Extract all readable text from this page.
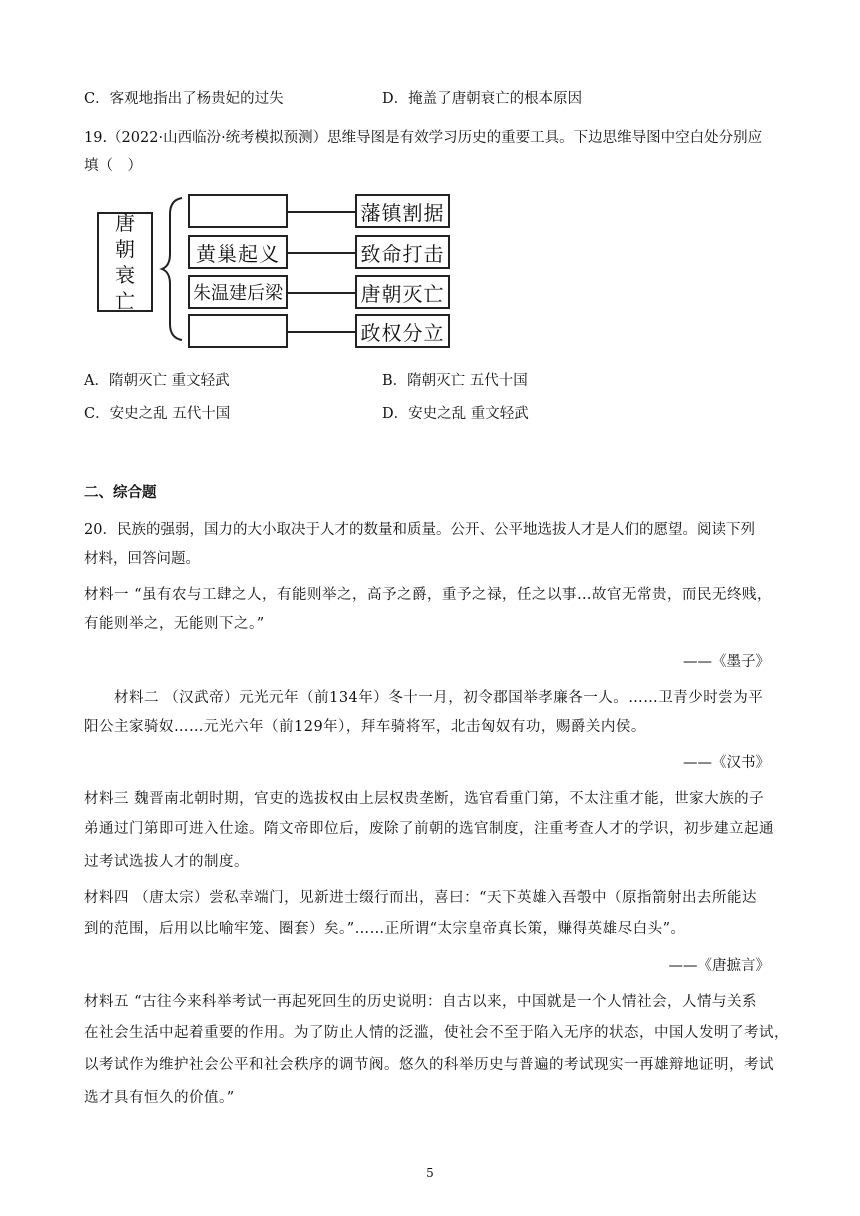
C．客观地指出了杨贵妃的过失	D．掩盖了唐朝衰亡的根本原因
19.（2022·山西临汾·统考模拟预测）思维导图是有效学习历史的重要工具。下边思维导图中空白处分别应
填（　）
唐
朝
衰
亡
黄巢起义
朱温建后梁
藩镇割据
致命打击
唐朝灭亡
政权分立
A．隋朝灭亡 重文轻武	B．隋朝灭亡 五代十国
C．安史之乱 五代十国	D．安史之乱 重文轻武
二、综合题
20．民族的强弱，国力的大小取决于人才的数量和质量。公开、公平地选拔人才是人们的愿望。阅读下列
材料，回答问题。
材料一 “虽有农与工肆之人，有能则举之，高予之爵，重予之禄，任之以事…故官无常贵，而民无终贱，
有能则举之，无能则下之。”
——《墨子》
材料二 （汉武帝）元光元年（前134年）冬十一月，初令郡国举孝廉各一人。……卫青少时尝为平
阳公主家骑奴……元光六年（前129年），拜车骑将军，北击匈奴有功，赐爵关内侯。
——《汉书》
材料三 魏晋南北朝时期，官吏的选拔权由上层权贵垄断，选官看重门第，不太注重才能，世家大族的子
弟通过门第即可进入仕途。隋文帝即位后，废除了前朝的选官制度，注重考查人才的学识，初步建立起通
过考试选拔人才的制度。
材料四 （唐太宗）尝私幸端门，见新进士缀行而出，喜曰：“天下英雄入吾彀中（原指箭射出去所能达
到的范围，后用以比喻牢笼、圈套）矣。”……正所谓“太宗皇帝真长策，赚得英雄尽白头”。
——《唐摭言》
材料五 “古往今来科举考试一再起死回生的历史说明：自古以来，中国就是一个人情社会，人情与关系
在社会生活中起着重要的作用。为了防止人情的泛滥，使社会不至于陷入无序的状态，中国人发明了考试，
以考试作为维护社会公平和社会秩序的调节阀。悠久的科举历史与普遍的考试现实一再雄辩地证明，考试
选才具有恒久的价值。”
5
